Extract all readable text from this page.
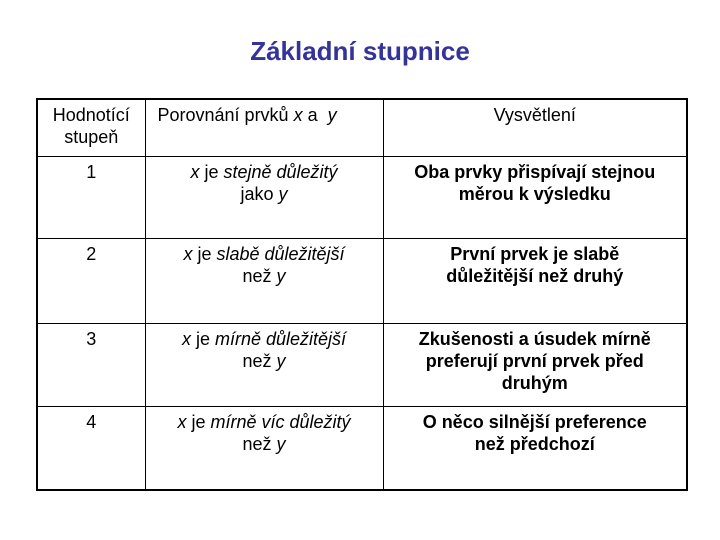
Základní stupnice
Hodnotící
stupeň	Porovnání prvků x a  y	Vysvětlení
1	x je stejně důležitý
jako y	Oba prvky přispívají stejnou
měrou k výsledku
2	x je slabě důležitější
než y	První prvek je slabě
důležitější než druhý
3	x je mírně důležitější
než y	Zkušenosti a úsudek mírně
preferují první prvek před
druhým
4	x je mírně víc důležitý
než y	O něco silnější preference
než předchozí
